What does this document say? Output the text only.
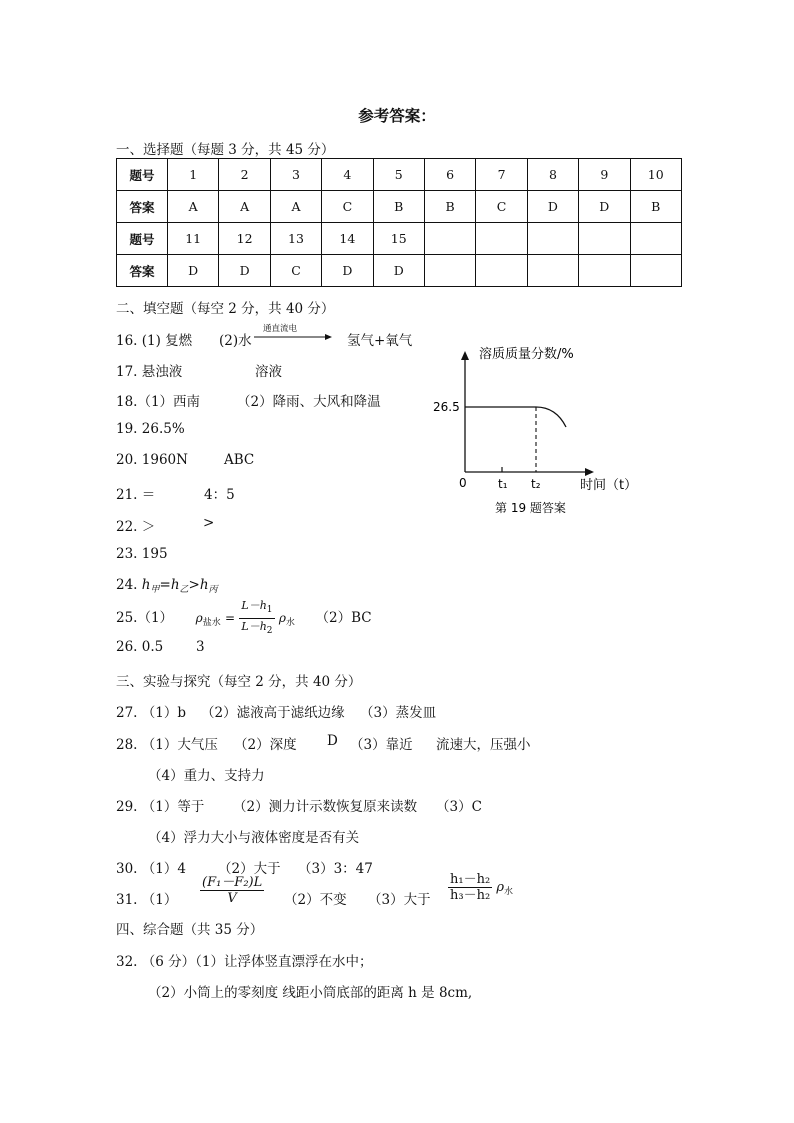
参考答案：
一、选择题（每题 3 分，共 45 分）
题号	1	2	3	4	5	6	7	8	9	10
答案	A	A	A	C	B	B	C	D	D	B
题号	11	12	13	14	15					
答案	D	D	C	D	D					
二、填空题（每空 2 分，共 40 分）
16. (1) 复燃 (2)水
通直流电
氢气+氧气
17. 悬浊液	溶液
18.（1）西南	（2）降雨、大风和降温
19. 26.5%
20. 1960N	ABC
21. ＝	4：5
22. ＞	>
23. 195
24. $h_甲=h_乙>h_丙$
25.（1） $\rho_{盐水} = \frac{L-h_1}{L-h_2} \rho_水$ （2）BC
26. 0.5 3
三、实验与探究（每空 2 分，共 40 分）
27. （1）b （2）滤液高于滤纸边缘 （3）蒸发皿
28. （1）大气压 （2）深度 D （3）靠近 流速大，压强小
（4）重力、支持力
29. （1）等于 （2）测力计示数恢复原来读数 （3）C
（4）浮力大小与液体密度是否有关
30. （1）4 （2）大于 （3）3：47
31. $(1) \frac{\text{(F₁－F₂)L}}{V} (2)$不变 （3）大于 $\frac{\text{h₁－h₂}}{\text{h₃－h₂}} \rho_水$
四、综合题（共 35 分）
32. （6 分）（1）让浮体竖直漂浮在水中；
（2）小筒上的零刻度 线距小筒底部的距离 h 是 8cm,
溶质质量分数/%
26.5
0	t₁ t₂	时间（t）
第 19 题答案
